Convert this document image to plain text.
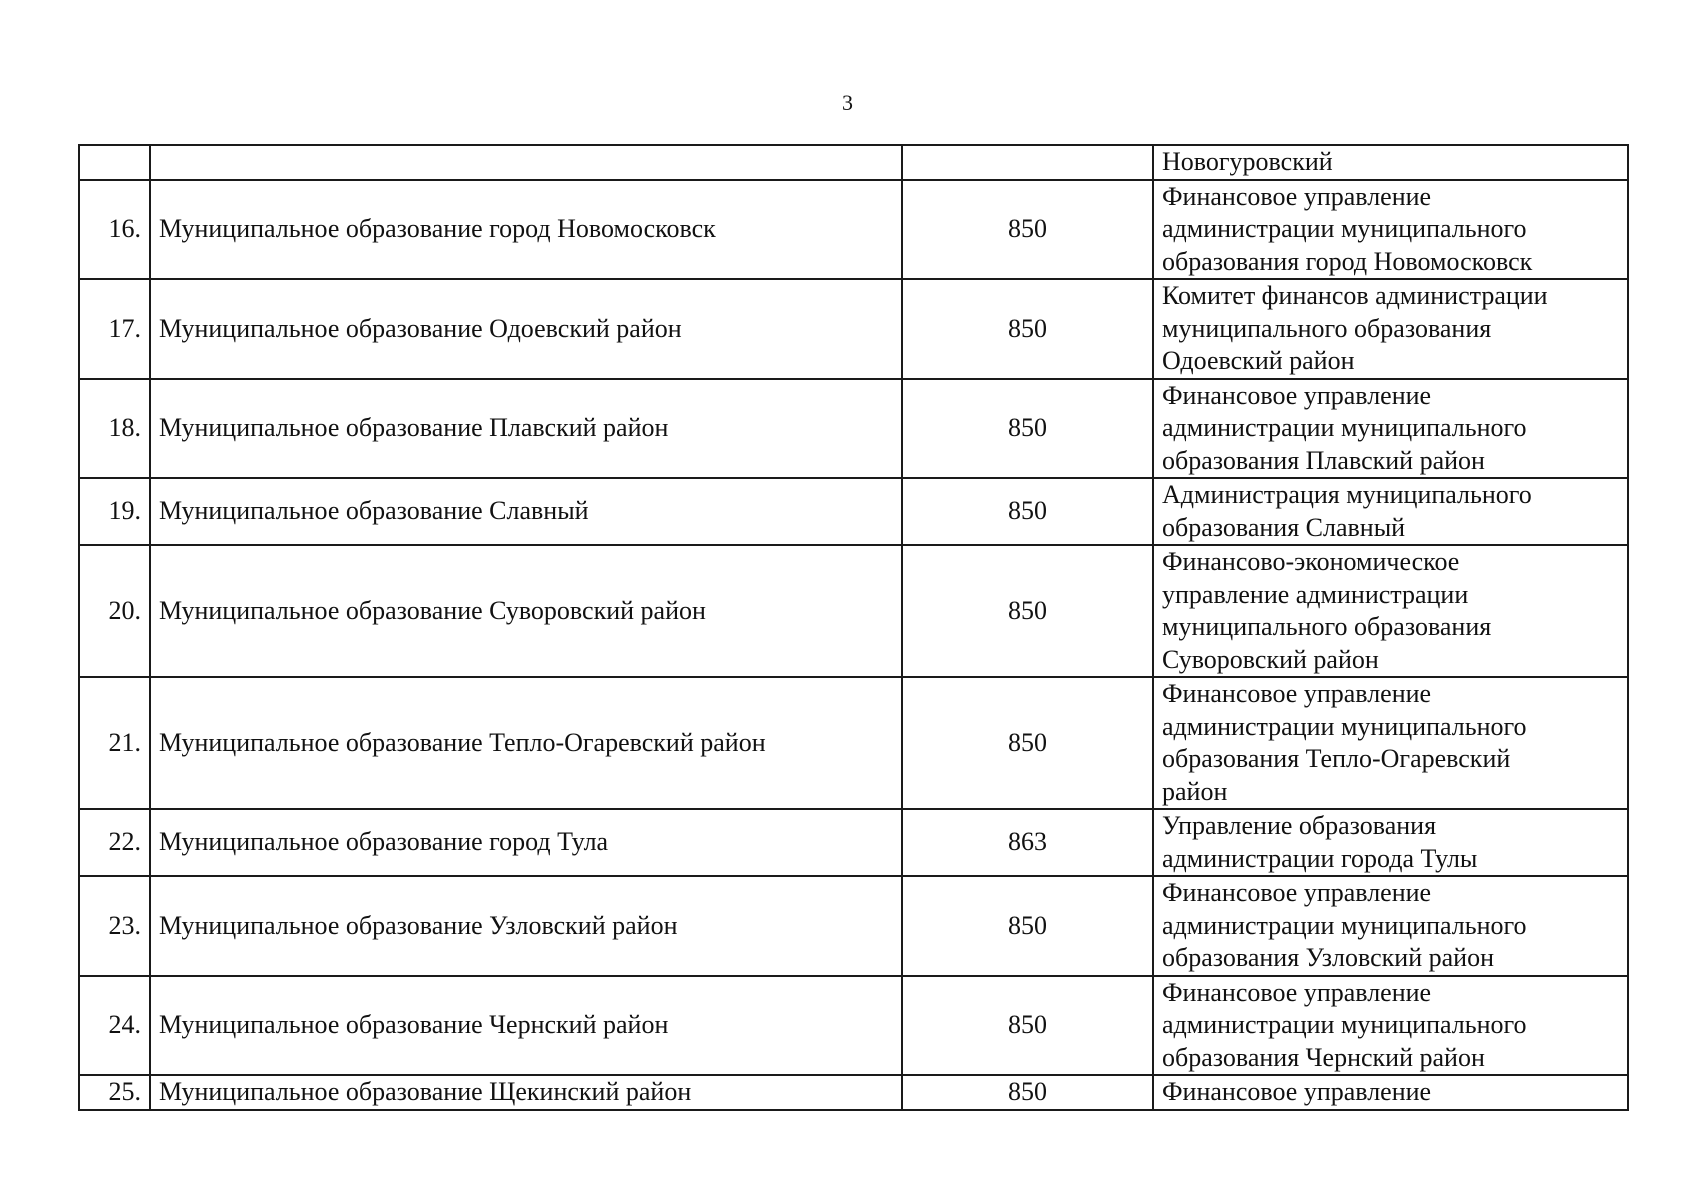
3
			Новогуровский
16.	Муниципальное образование город Новомосковск	850	Финансовое управление
администрации муниципального
образования город Новомосковск
17.	Муниципальное образование Одоевский район	850	Комитет финансов администрации
муниципального образования
Одоевский район
18.	Муниципальное образование Плавский район	850	Финансовое управление
администрации муниципального
образования Плавский район
19.	Муниципальное образование Славный	850	Администрация муниципального
образования Славный
20.	Муниципальное образование Суворовский район	850	Финансово-экономическое
управление администрации
муниципального образования
Суворовский район
21.	Муниципальное образование Тепло-Огаревский район	850	Финансовое управление
администрации муниципального
образования Тепло-Огаревский
район
22.	Муниципальное образование город Тула	863	Управление образования
администрации города Тулы
23.	Муниципальное образование Узловский район	850	Финансовое управление
администрации муниципального
образования Узловский район
24.	Муниципальное образование Чернский район	850	Финансовое управление
администрации муниципального
образования Чернский район
25.	Муниципальное образование Щекинский район	850	Финансовое управление
